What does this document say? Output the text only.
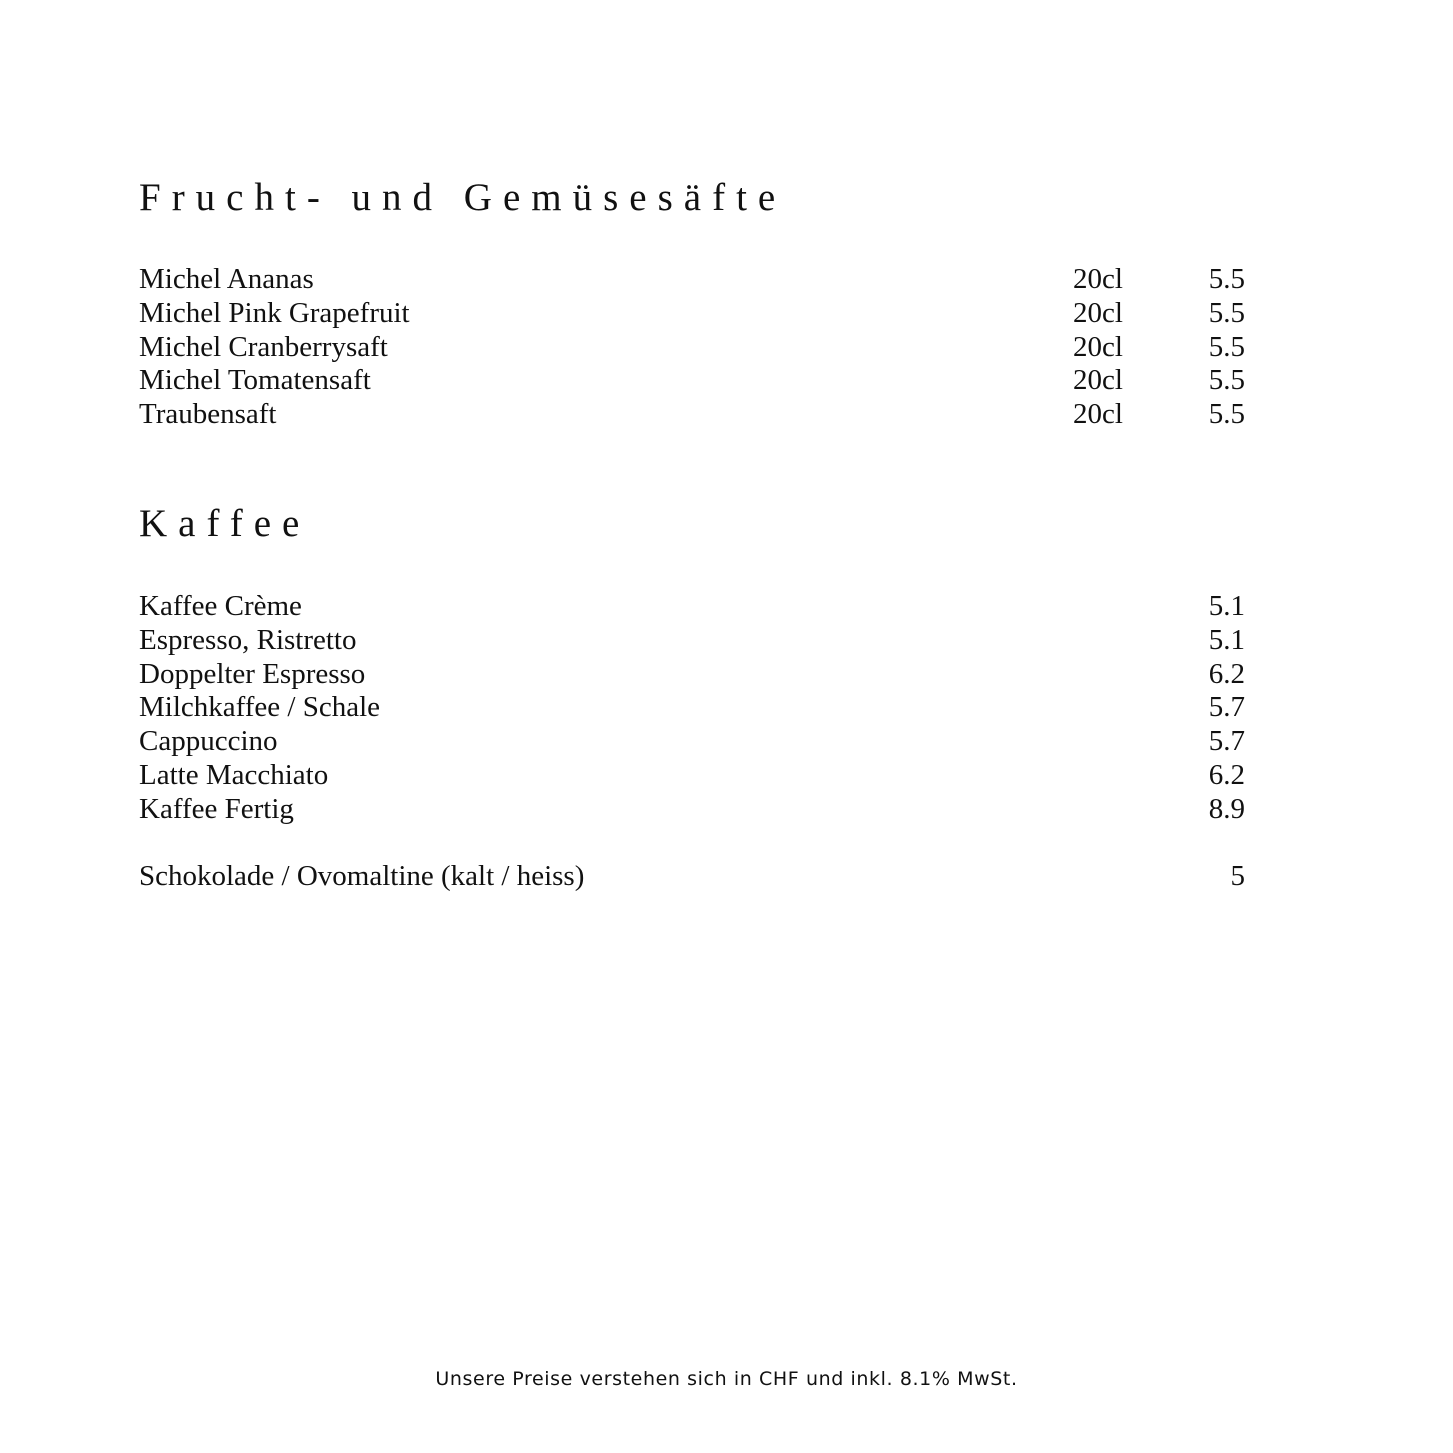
Frucht- und Gemüsesäfte
Michel Ananas	20cl	5.5
Michel Pink Grapefruit	20cl	5.5
Michel Cranberrysaft	20cl	5.5
Michel Tomatensaft	20cl	5.5
Traubensaft	20cl	5.5
Kaffee
Kaffee Crème	5.1
Espresso, Ristretto	5.1
Doppelter Espresso	6.2
Milchkaffee / Schale	5.7
Cappuccino	5.7
Latte Macchiato	6.2
Kaffee Fertig	8.9
Schokolade / Ovomaltine (kalt / heiss)	5
Unsere Preise verstehen sich in CHF und inkl. 8.1% MwSt.
